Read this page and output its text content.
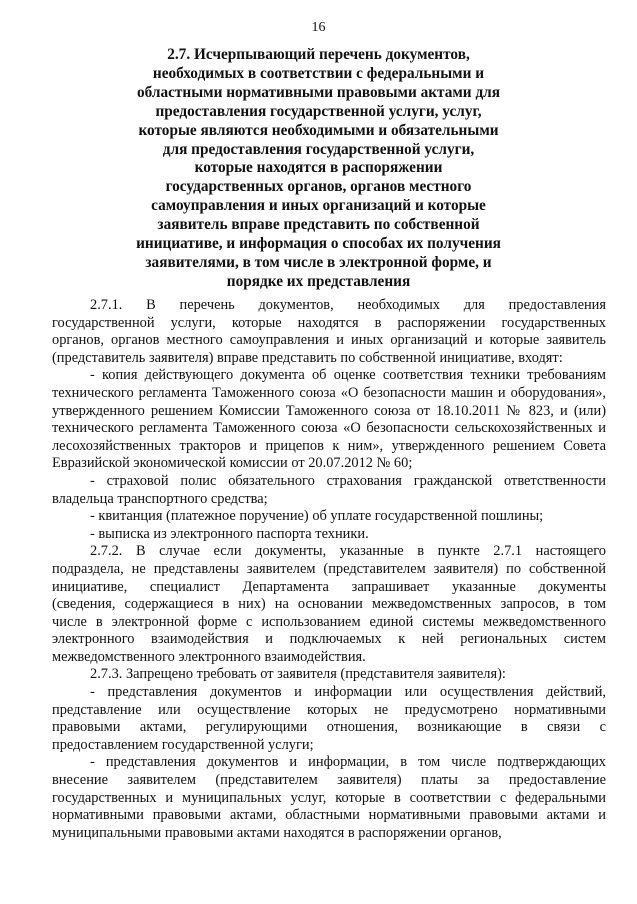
16
2.7. Исчерпывающий перечень документов,
необходимых в соответствии с федеральными и
областными нормативными правовыми актами для
предоставления государственной услуги, услуг,
которые являются необходимыми и обязательными
для предоставления государственной услуги,
которые находятся в распоряжении
государственных органов, органов местного
самоуправления и иных организаций и которые
заявитель вправе представить по собственной
инициативе, и информация о способах их получения
заявителями, в том числе в электронной форме, и
порядке их представления
2.7.1. В перечень документов, необходимых для предоставления
государственной услуги, которые находятся в распоряжении государственных
органов, органов местного самоуправления и иных организаций и которые заявитель
(представитель заявителя) вправе представить по собственной инициативе, входят:
- копия действующего документа об оценке соответствия техники требованиям
технического регламента Таможенного союза «О безопасности машин и оборудования»,
утвержденного решением Комиссии Таможенного союза от 18.10.2011 № 823, и (или)
технического регламента Таможенного союза «О безопасности сельскохозяйственных и
лесохозяйственных тракторов и прицепов к ним», утвержденного решением Совета
Евразийской экономической комиссии от 20.07.2012 № 60;
- страховой полис обязательного страхования гражданской ответственности
владельца транспортного средства;
- квитанция (платежное поручение) об уплате государственной пошлины;
- выписка из электронного паспорта техники.
2.7.2. В случае если документы, указанные в пункте 2.7.1 настоящего
подраздела, не представлены заявителем (представителем заявителя) по собственной
инициативе, специалист Департамента запрашивает указанные документы
(сведения, содержащиеся в них) на основании межведомственных запросов, в том
числе в электронной форме с использованием единой системы межведомственного
электронного взаимодействия и подключаемых к ней региональных систем
межведомственного электронного взаимодействия.
2.7.3. Запрещено требовать от заявителя (представителя заявителя):
- представления документов и информации или осуществления действий,
представление или осуществление которых не предусмотрено нормативными
правовыми актами, регулирующими отношения, возникающие в связи с
предоставлением государственной услуги;
- представления документов и информации, в том числе подтверждающих
внесение заявителем (представителем заявителя) платы за предоставление
государственных и муниципальных услуг, которые в соответствии с федеральными
нормативными правовыми актами, областными нормативными правовыми актами и
муниципальными правовыми актами находятся в распоряжении органов,
